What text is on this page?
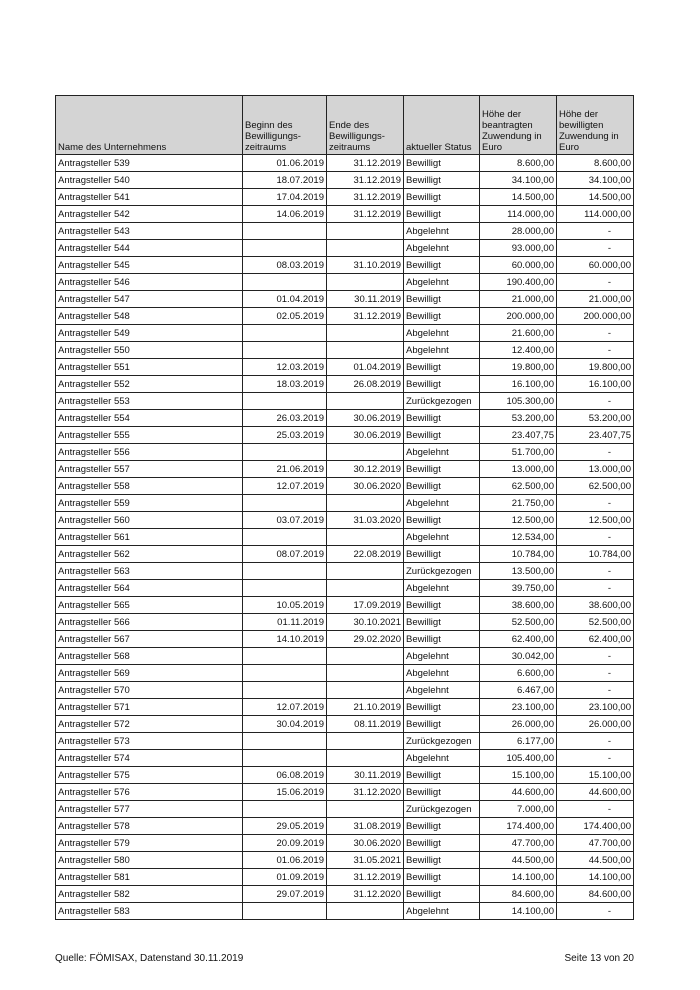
Name des Unternehmens	Beginn des Bewilligungs-zeitraums	Ende des Bewilligungs-zeitraums	aktueller Status	Höhe der beantragten Zuwendung in Euro	Höhe der bewilligten Zuwendung in Euro
Antragsteller 539	01.06.2019	31.12.2019	Bewilligt	8.600,00	8.600,00
Antragsteller 540	18.07.2019	31.12.2019	Bewilligt	34.100,00	34.100,00
Antragsteller 541	17.04.2019	31.12.2019	Bewilligt	14.500,00	14.500,00
Antragsteller 542	14.06.2019	31.12.2019	Bewilligt	114.000,00	114.000,00
Antragsteller 543			Abgelehnt	28.000,00	-
Antragsteller 544			Abgelehnt	93.000,00	-
Antragsteller 545	08.03.2019	31.10.2019	Bewilligt	60.000,00	60.000,00
Antragsteller 546			Abgelehnt	190.400,00	-
Antragsteller 547	01.04.2019	30.11.2019	Bewilligt	21.000,00	21.000,00
Antragsteller 548	02.05.2019	31.12.2019	Bewilligt	200.000,00	200.000,00
Antragsteller 549			Abgelehnt	21.600,00	-
Antragsteller 550			Abgelehnt	12.400,00	-
Antragsteller 551	12.03.2019	01.04.2019	Bewilligt	19.800,00	19.800,00
Antragsteller 552	18.03.2019	26.08.2019	Bewilligt	16.100,00	16.100,00
Antragsteller 553			Zurückgezogen	105.300,00	-
Antragsteller 554	26.03.2019	30.06.2019	Bewilligt	53.200,00	53.200,00
Antragsteller 555	25.03.2019	30.06.2019	Bewilligt	23.407,75	23.407,75
Antragsteller 556			Abgelehnt	51.700,00	-
Antragsteller 557	21.06.2019	30.12.2019	Bewilligt	13.000,00	13.000,00
Antragsteller 558	12.07.2019	30.06.2020	Bewilligt	62.500,00	62.500,00
Antragsteller 559			Abgelehnt	21.750,00	-
Antragsteller 560	03.07.2019	31.03.2020	Bewilligt	12.500,00	12.500,00
Antragsteller 561			Abgelehnt	12.534,00	-
Antragsteller 562	08.07.2019	22.08.2019	Bewilligt	10.784,00	10.784,00
Antragsteller 563			Zurückgezogen	13.500,00	-
Antragsteller 564			Abgelehnt	39.750,00	-
Antragsteller 565	10.05.2019	17.09.2019	Bewilligt	38.600,00	38.600,00
Antragsteller 566	01.11.2019	30.10.2021	Bewilligt	52.500,00	52.500,00
Antragsteller 567	14.10.2019	29.02.2020	Bewilligt	62.400,00	62.400,00
Antragsteller 568			Abgelehnt	30.042,00	-
Antragsteller 569			Abgelehnt	6.600,00	-
Antragsteller 570			Abgelehnt	6.467,00	-
Antragsteller 571	12.07.2019	21.10.2019	Bewilligt	23.100,00	23.100,00
Antragsteller 572	30.04.2019	08.11.2019	Bewilligt	26.000,00	26.000,00
Antragsteller 573			Zurückgezogen	6.177,00	-
Antragsteller 574			Abgelehnt	105.400,00	-
Antragsteller 575	06.08.2019	30.11.2019	Bewilligt	15.100,00	15.100,00
Antragsteller 576	15.06.2019	31.12.2020	Bewilligt	44.600,00	44.600,00
Antragsteller 577			Zurückgezogen	7.000,00	-
Antragsteller 578	29.05.2019	31.08.2019	Bewilligt	174.400,00	174.400,00
Antragsteller 579	20.09.2019	30.06.2020	Bewilligt	47.700,00	47.700,00
Antragsteller 580	01.06.2019	31.05.2021	Bewilligt	44.500,00	44.500,00
Antragsteller 581	01.09.2019	31.12.2019	Bewilligt	14.100,00	14.100,00
Antragsteller 582	29.07.2019	31.12.2020	Bewilligt	84.600,00	84.600,00
Antragsteller 583			Abgelehnt	14.100,00	-
Quelle: FÖMISAX, Datenstand 30.11.2019	Seite 13 von 20
